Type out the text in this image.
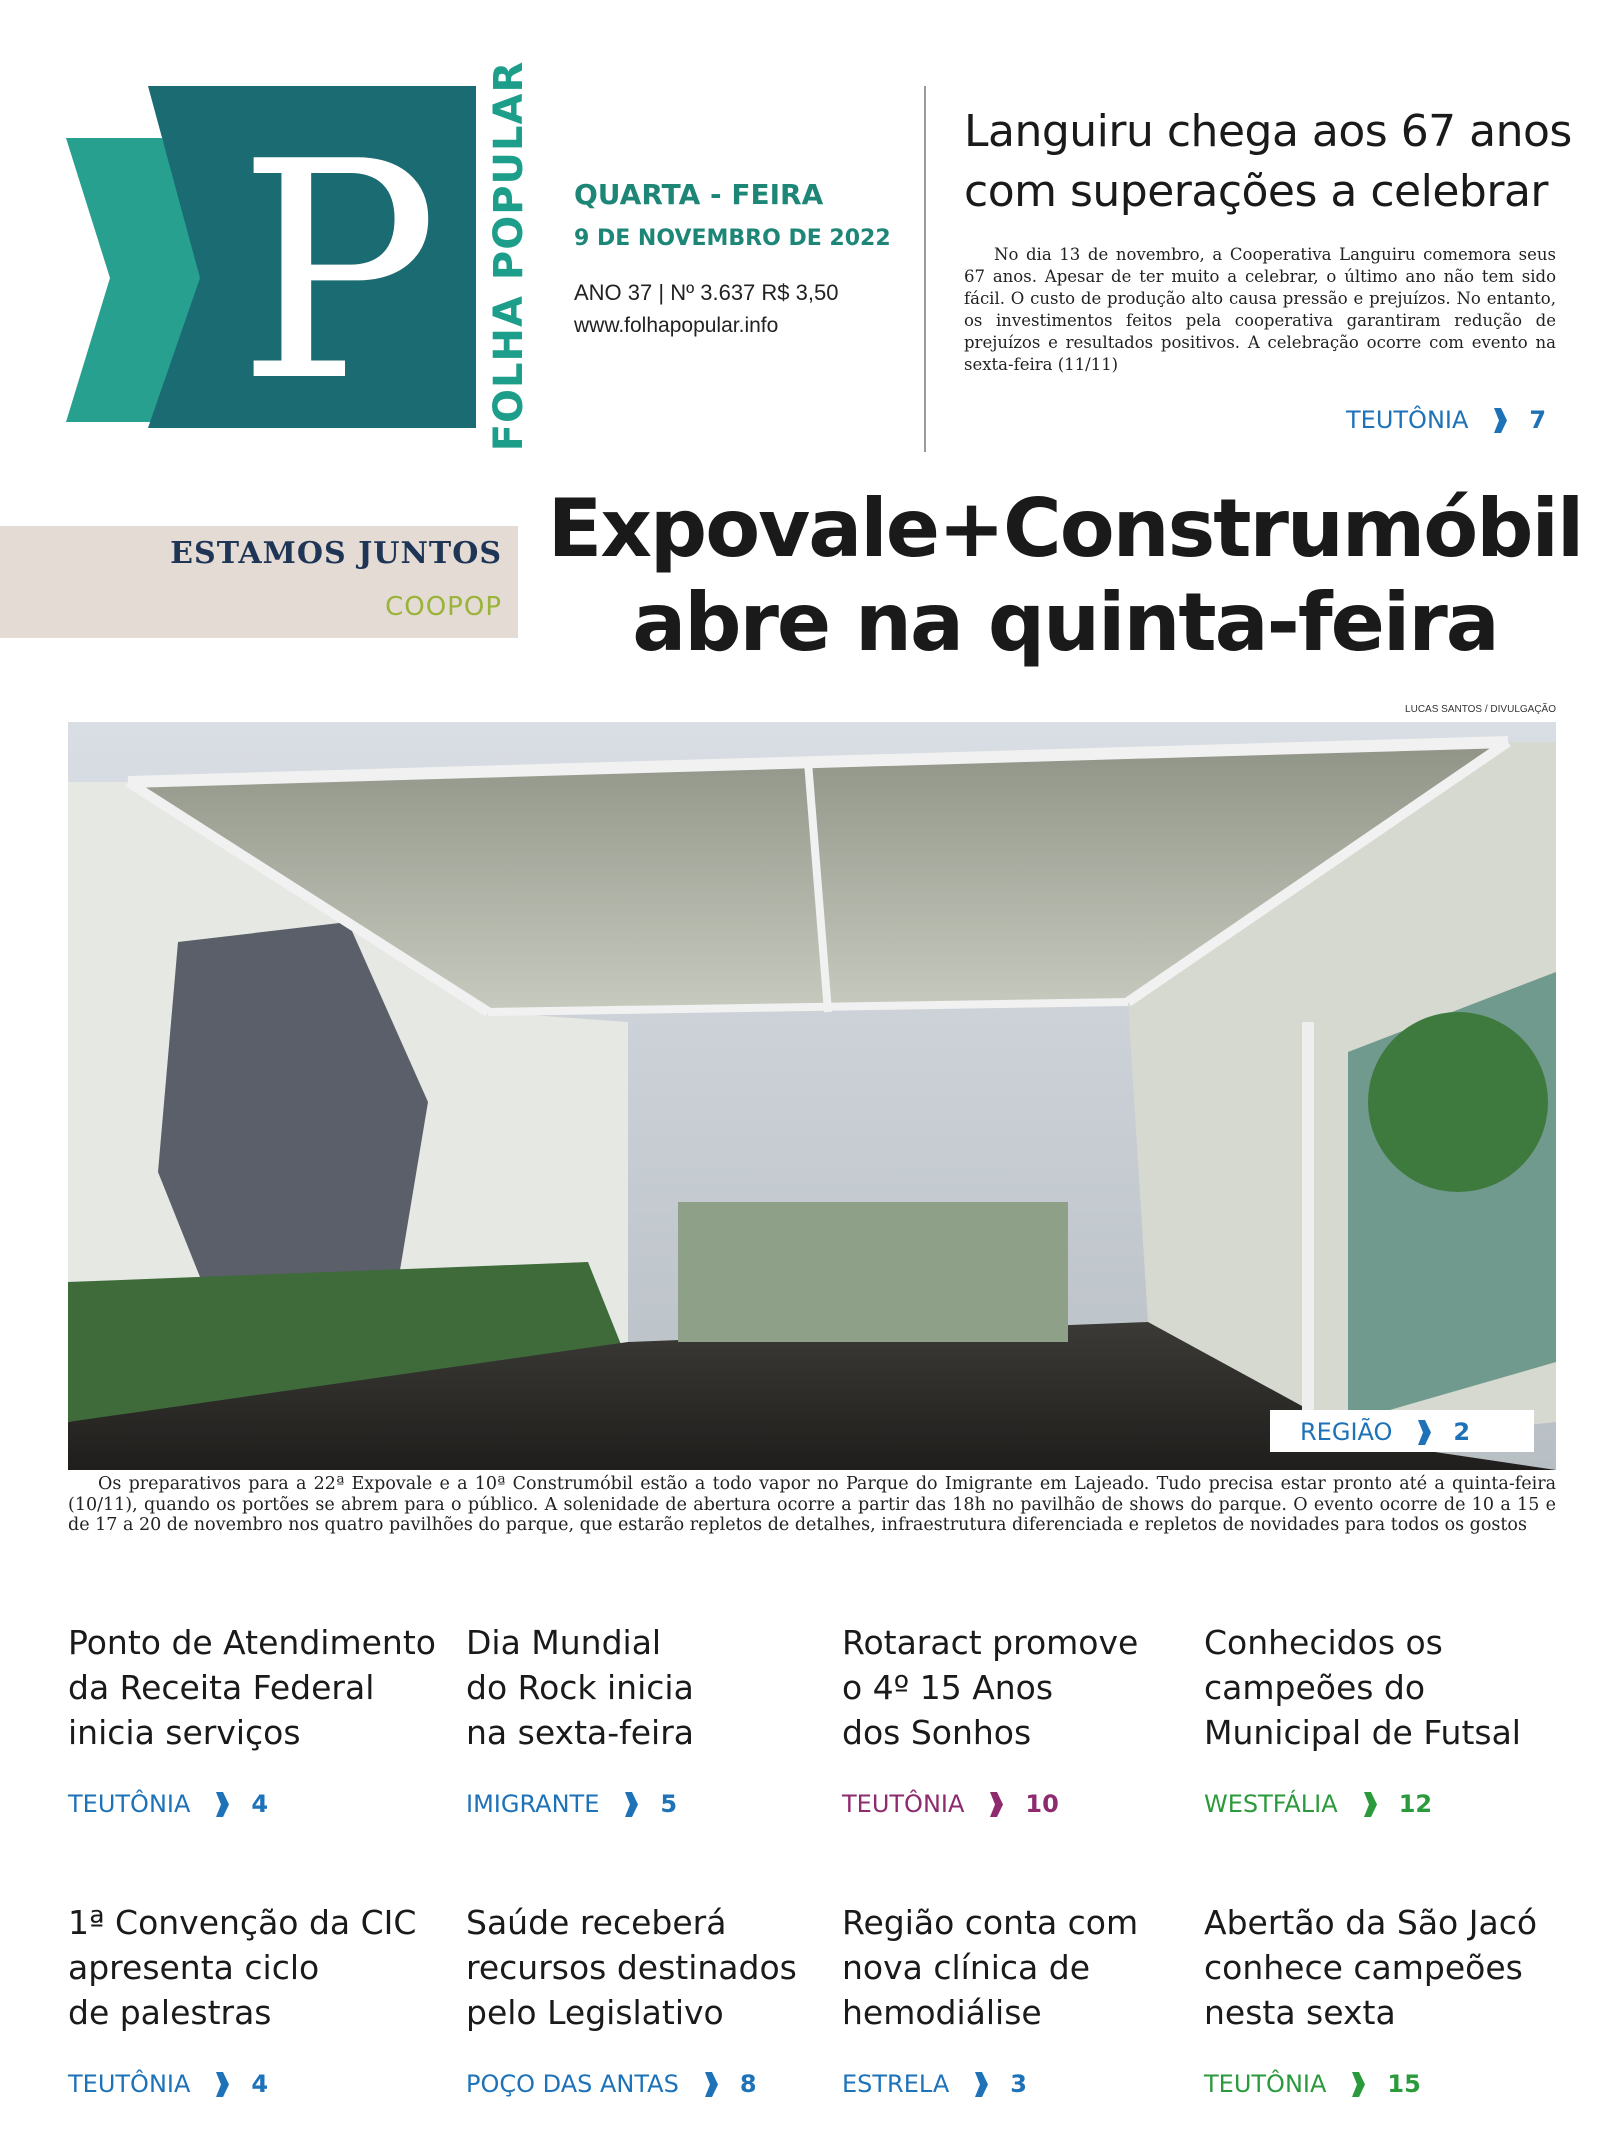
P FOLHA POPULAR QUARTA - FEIRA
9 DE NOVEMBRO DE 2022
ANO 37 | Nº 3.637 R$ 3,50
www.folhapopular.info
Languiru chega aos 67 anos
com superações a celebrar
No dia 13 de novembro, a Cooperativa Languiru comemora seus 67 anos. Apesar de ter muito a celebrar, o último ano não tem sido fácil. O custo de produção alto causa pressão e prejuízos. No entanto, os investimentos feitos pela cooperativa garantiram redução de prejuízos e resultados positivos. A celebração ocorre com evento na sexta-feira (11/11)
TEUTÔNIA	7
ESTAMOS JUNTOS
COOPOP
Expovale+Construmóbil
abre na quinta-feira
LUCAS SANTOS / DIVULGAÇÃO
REGIÃO	2
Os preparativos para a 22ª Expovale e a 10ª Construmóbil estão a todo vapor no Parque do Imigrante em Lajeado. Tudo precisa estar pronto até a quinta-feira (10/11), quando os portões se abrem para o público. A solenidade de abertura ocorre a partir das 18h no pavilhão de shows do parque. O evento ocorre de 10 a 15 e de 17 a 20 de novembro nos quatro pavilhões do parque, que estarão repletos de detalhes, infraestrutura diferenciada e repletos de novidades para todos os gostos
Ponto de Atendimento
da Receita Federal
inicia serviços
TEUTÔNIA	4
Dia Mundial
do Rock inicia
na sexta-feira
IMIGRANTE	5
Rotaract promove
o 4º 15 Anos
dos Sonhos
TEUTÔNIA	10
Conhecidos os
campeões do
Municipal de Futsal
WESTFÁLIA	12
1ª Convenção da CIC
apresenta ciclo
de palestras
TEUTÔNIA	4
Saúde receberá
recursos destinados
pelo Legislativo
POÇO DAS ANTAS	8
Região conta com
nova clínica de
hemodiálise
ESTRELA	3
Abertão da São Jacó
conhece campeões
nesta sexta
TEUTÔNIA	15
